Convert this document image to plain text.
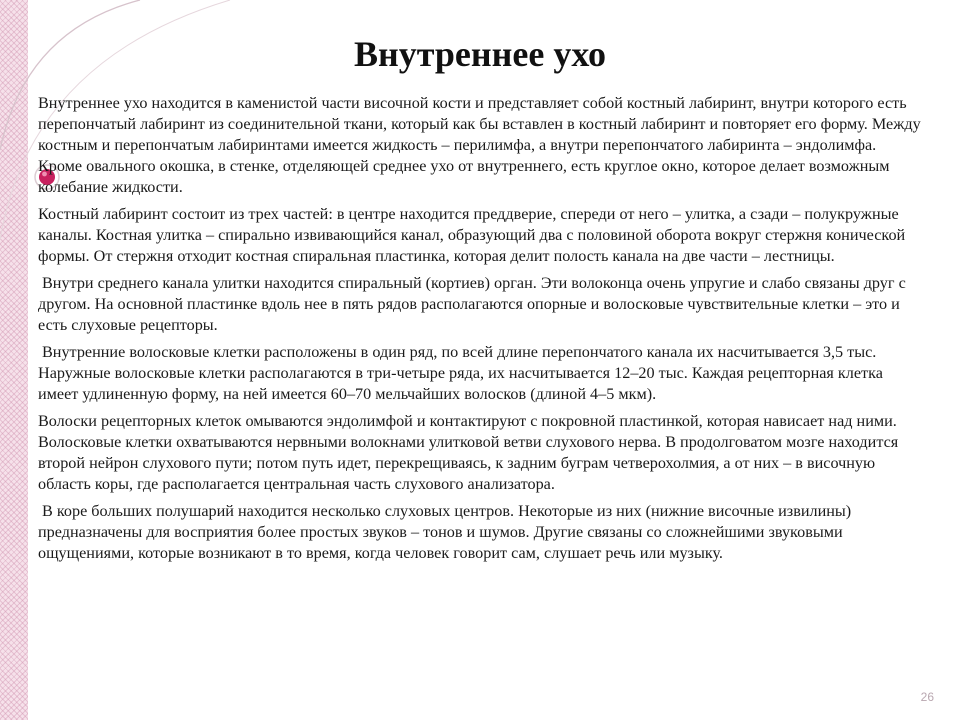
Внутреннее ухо

Внутреннее ухо находится в каменистой части височной кости и представляет собой костный лабиринт, внутри которого есть перепончатый лабиринт из соединительной ткани, который как бы вставлен в костный лабиринт и повторяет его форму. Между костным и перепончатым лабиринтами имеется жидкость – перилимфа, а внутри перепончатого лабиринта – эндолимфа. Кроме овального окошка, в стенке, отделяющей среднее ухо от внутреннего, есть круглое окно, которое делает возможным колебание жидкости.

Костный лабиринт состоит из трех частей: в центре находится преддверие, спереди от него – улитка, а сзади – полукружные каналы. Костная улитка – спирально извивающийся канал, образующий два с половиной оборота вокруг стержня конической формы. От стержня отходит костная спиральная пластинка, которая делит полость канала на две части – лестницы.

Внутри среднего канала улитки находится спиральный (кортиев) орган. Эти волоконца очень упругие и слабо связаны друг с другом. На основной пластинке вдоль нее в пять рядов располагаются опорные и волосковые чувствительные клетки – это и есть слуховые рецепторы.

Внутренние волосковые клетки расположены в один ряд, по всей длине перепончатого канала их насчитывается 3,5 тыс. Наружные волосковые клетки располагаются в три-четыре ряда, их насчитывается 12–20 тыс. Каждая рецепторная клетка имеет удлиненную форму, на ней имеется 60–70 мельчайших волосков (длиной 4–5 мкм).

Волоски рецепторных клеток омываются эндолимфой и контактируют с покровной пластинкой, которая нависает над ними. Волосковые клетки охватываются нервными волокнами улитковой ветви слухового нерва. В продолговатом мозге находится второй нейрон слухового пути; потом путь идет, перекрещиваясь, к задним буграм четверохолмия, а от них – в височную область коры, где располагается центральная часть слухового анализатора.

В коре больших полушарий находится несколько слуховых центров. Некоторые из них (нижние височные извилины) предназначены для восприятия более простых звуков – тонов и шумов. Другие связаны со сложнейшими звуковыми ощущениями, которые возникают в то время, когда человек говорит сам, слушает речь или музыку.

26
